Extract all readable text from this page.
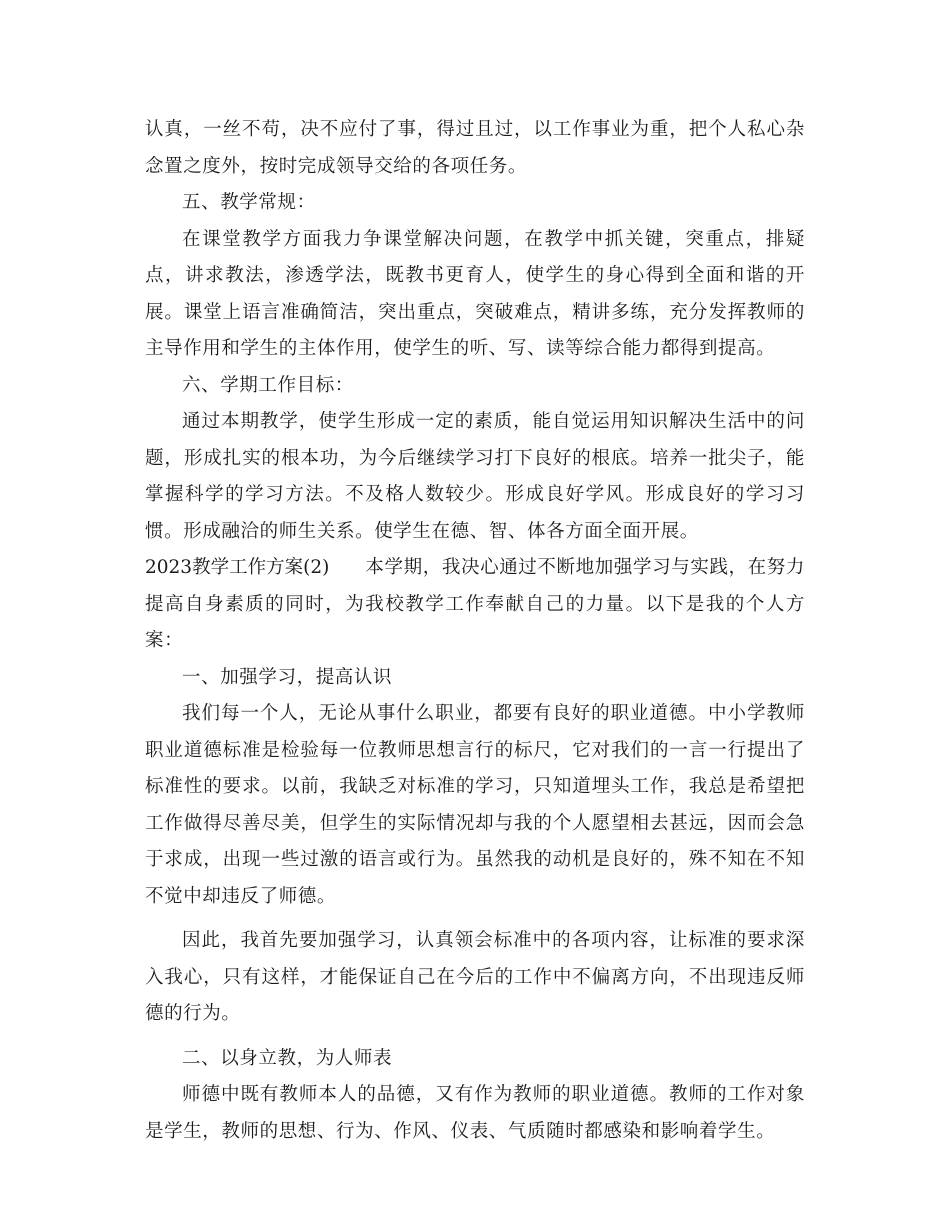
认真，一丝不苟，决不应付了事，得过且过，以工作事业为重，把个人私心杂念置之度外，按时完成领导交给的各项任务。

五、教学常规：

在课堂教学方面我力争课堂解决问题，在教学中抓关键，突重点，排疑点，讲求教法，渗透学法，既教书更育人，使学生的身心得到全面和谐的开展。课堂上语言准确简洁，突出重点，突破难点，精讲多练，充分发挥教师的主导作用和学生的主体作用，使学生的听、写、读等综合能力都得到提高。

六、学期工作目标：

通过本期教学，使学生形成一定的素质，能自觉运用知识解决生活中的问题，形成扎实的根本功，为今后继续学习打下良好的根底。培养一批尖子，能掌握科学的学习方法。不及格人数较少。形成良好学风。形成良好的学习习惯。形成融洽的师生关系。使学生在德、智、体各方面全面开展。

2023教学工作方案(2) 本学期，我决心通过不断地加强学习与实践，在努力提高自身素质的同时，为我校教学工作奉献自己的力量。以下是我的个人方案：

一、加强学习，提高认识

我们每一个人，无论从事什么职业，都要有良好的职业道德。中小学教师职业道德标准是检验每一位教师思想言行的标尺，它对我们的一言一行提出了标准性的要求。以前，我缺乏对标准的学习，只知道埋头工作，我总是希望把工作做得尽善尽美，但学生的实际情况却与我的个人愿望相去甚远，因而会急于求成，出现一些过激的语言或行为。虽然我的动机是良好的，殊不知在不知不觉中却违反了师德。

因此，我首先要加强学习，认真领会标准中的各项内容，让标准的要求深入我心，只有这样，才能保证自己在今后的工作中不偏离方向，不出现违反师德的行为。

二、以身立教，为人师表

师德中既有教师本人的品德，又有作为教师的职业道德。教师的工作对象是学生，教师的思想、行为、作风、仪表、气质随时都感染和影响着学生。
